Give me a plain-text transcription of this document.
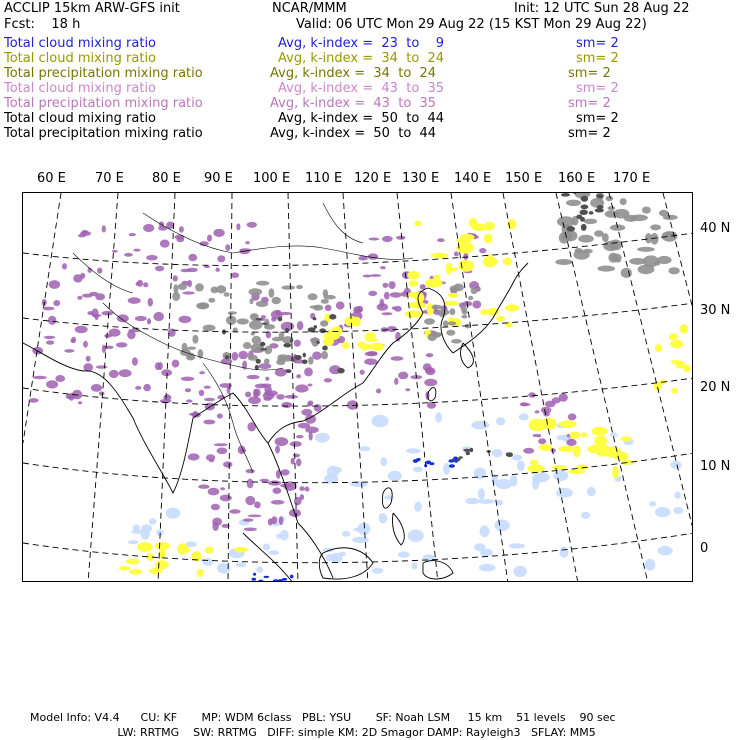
ACCLIP 15km ARW-GFS init	NCAR/MMM	Init: 12 UTC Sun 28 Aug 22
Fcst:    18 h	Valid: 06 UTC Mon 29 Aug 22 (15 KST Mon 29 Aug 22)
Total cloud mixing ratio	Avg, k-index =  23  to    9	sm= 2
Total cloud mixing ratio	Avg, k-index =  34  to  24	sm= 2
Total precipitation mixing ratio	Avg, k-index =  34  to  24	sm= 2
Total cloud mixing ratio	Avg, k-index =  43  to  35	sm= 2
Total precipitation mixing ratio	Avg, k-index =  43  to  35	sm= 2
Total cloud mixing ratio	Avg, k-index =  50  to  44	sm= 2
Total precipitation mixing ratio	Avg, k-index =  50  to  44	sm= 2
60 E 70 E 80 E 90 E 100 E 110 E 120 E 130 E 140 E 150 E 160 E 170 E
40 N
30 N
20 N
10 N
0
Model Info: V4.4      CU: KF       MP: WDM 6class   PBL: YSU       SF: Noah LSM     15 km    51 levels    90 sec
LW: RRTMG    SW: RRTMG   DIFF: simple KM: 2D Smagor DAMP: Rayleigh3   SFLAY: MM5
